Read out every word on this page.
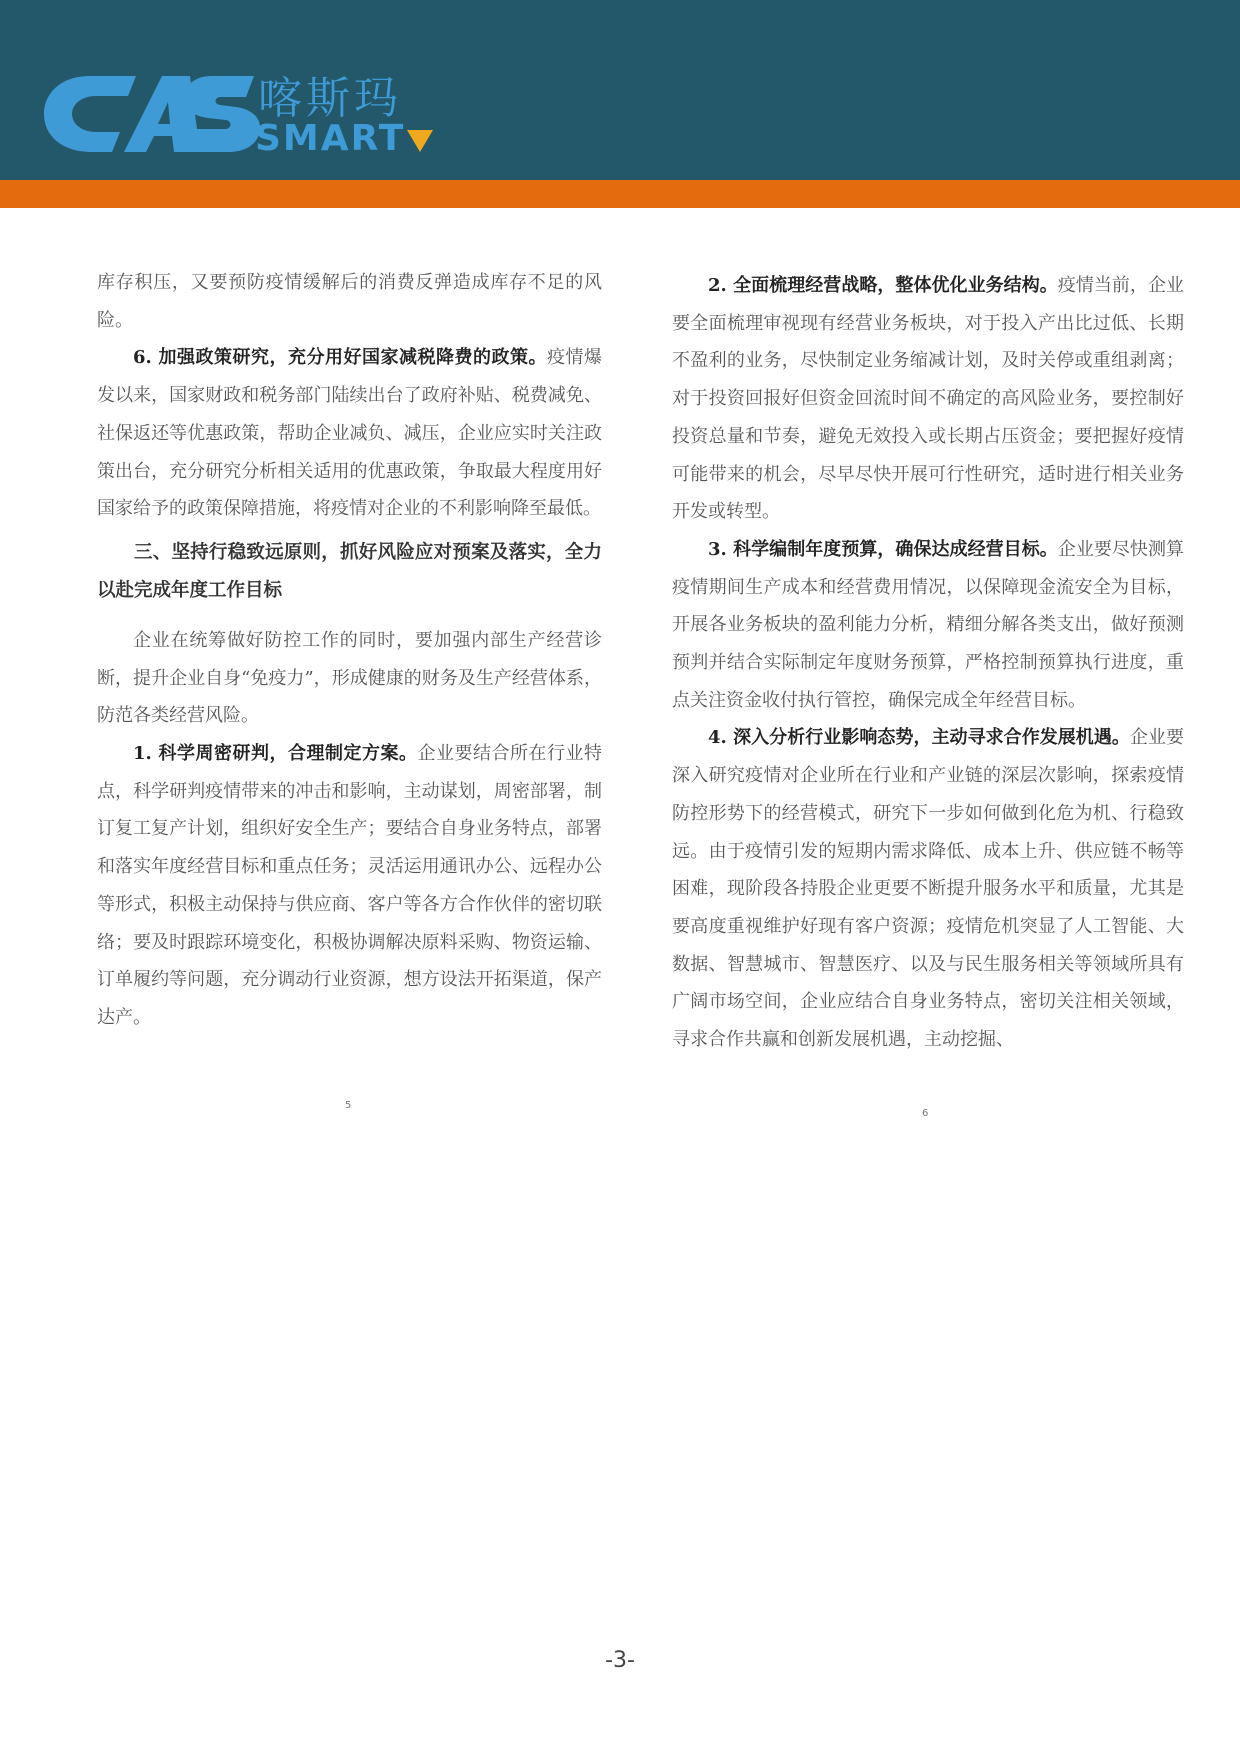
喀斯玛
SMART

库存积压，又要预防疫情缓解后的消费反弹造成库存不足的风险。

6. 加强政策研究，充分用好国家减税降费的政策。疫情爆发以来，国家财政和税务部门陆续出台了政府补贴、税费减免、社保返还等优惠政策，帮助企业减负、减压，企业应实时关注政策出台，充分研究分析相关适用的优惠政策，争取最大程度用好国家给予的政策保障措施，将疫情对企业的不利影响降至最低。

三、坚持行稳致远原则，抓好风险应对预案及落实，全力以赴完成年度工作目标

企业在统筹做好防控工作的同时，要加强内部生产经营诊断，提升企业自身“免疫力”，形成健康的财务及生产经营体系，防范各类经营风险。

1. 科学周密研判，合理制定方案。企业要结合所在行业特点，科学研判疫情带来的冲击和影响，主动谋划，周密部署，制订复工复产计划，组织好安全生产；要结合自身业务特点，部署和落实年度经营目标和重点任务；灵活运用通讯办公、远程办公等形式，积极主动保持与供应商、客户等各方合作伙伴的密切联络；要及时跟踪环境变化，积极协调解决原料采购、物资运输、订单履约等问题，充分调动行业资源，想方设法开拓渠道，保产达产。

5

2. 全面梳理经营战略，整体优化业务结构。疫情当前，企业要全面梳理审视现有经营业务板块，对于投入产出比过低、长期不盈利的业务，尽快制定业务缩减计划，及时关停或重组剥离；对于投资回报好但资金回流时间不确定的高风险业务，要控制好投资总量和节奏，避免无效投入或长期占压资金；要把握好疫情可能带来的机会，尽早尽快开展可行性研究，适时进行相关业务开发或转型。

3. 科学编制年度预算，确保达成经营目标。企业要尽快测算疫情期间生产成本和经营费用情况，以保障现金流安全为目标，开展各业务板块的盈利能力分析，精细分解各类支出，做好预测预判并结合实际制定年度财务预算，严格控制预算执行进度，重点关注资金收付执行管控，确保完成全年经营目标。

4. 深入分析行业影响态势，主动寻求合作发展机遇。企业要深入研究疫情对企业所在行业和产业链的深层次影响，探索疫情防控形势下的经营模式，研究下一步如何做到化危为机、行稳致远。由于疫情引发的短期内需求降低、成本上升、供应链不畅等困难，现阶段各持股企业更要不断提升服务水平和质量，尤其是要高度重视维护好现有客户资源；疫情危机突显了人工智能、大数据、智慧城市、智慧医疗、以及与民生服务相关等领域所具有广阔市场空间，企业应结合自身业务特点，密切关注相关领域，寻求合作共赢和创新发展机遇，主动挖掘、

6
-3-
